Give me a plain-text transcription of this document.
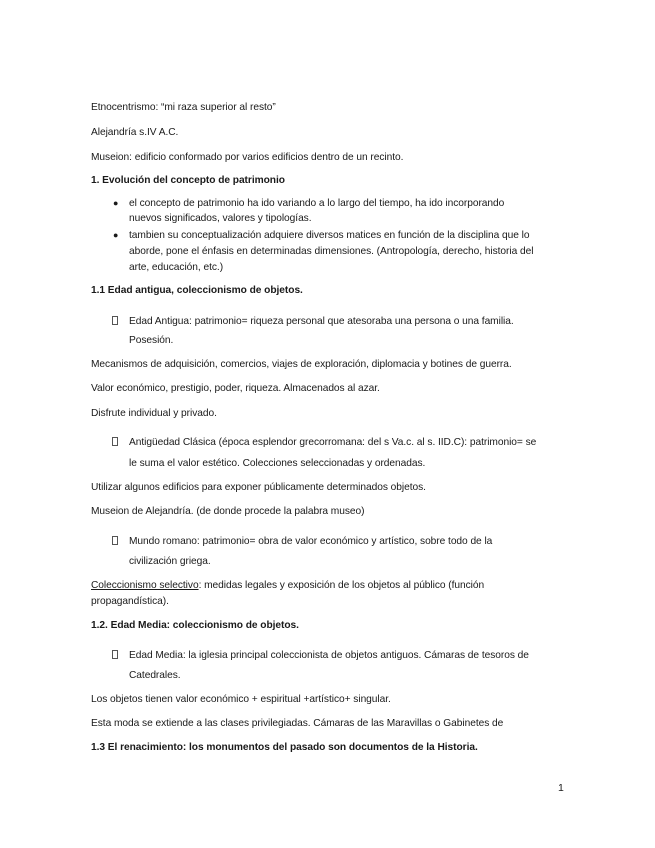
Etnocentrismo: “mi raza superior al resto”
Alejandría s.IV A.C.
Museion: edificio conformado por varios edificios dentro de un recinto.
1. Evolución del concepto de patrimonio
● el concepto de patrimonio ha ido variando a lo largo del tiempo, ha ido incorporando
nuevos significados, valores y tipologías.
● tambien su conceptualización adquiere diversos matices en función de la disciplina que lo
aborde, pone el énfasis en determinadas dimensiones. (Antropología, derecho, historia del
arte, educación, etc.)
1.1 Edad antigua, coleccionismo de objetos.
Edad Antigua: patrimonio= riqueza personal que atesoraba una persona o una familia.
Posesión.
Mecanismos de adquisición, comercios, viajes de exploración, diplomacia y botines de guerra.
Valor económico, prestigio, poder, riqueza. Almacenados al azar.
Disfrute individual y privado.
Antigüedad Clásica (época esplendor grecorromana: del s Va.c. al s. IID.C): patrimonio= se
le suma el valor estético. Colecciones seleccionadas y ordenadas.
Utilizar algunos edificios para exponer públicamente determinados objetos.
Museion de Alejandría. (de donde procede la palabra museo)
Mundo romano: patrimonio= obra de valor económico y artístico, sobre todo de la
civilización griega.
Coleccionismo selectivo: medidas legales y exposición de los objetos al público (función
propagandística).
1.2. Edad Media: coleccionismo de objetos.
Edad Media: la iglesia principal coleccionista de objetos antiguos. Cámaras de tesoros de
Catedrales.
Los objetos tienen valor económico + espiritual +artístico+ singular.
Esta moda se extiende a las clases privilegiadas. Cámaras de las Maravillas o Gabinetes de
1.3 El renacimiento: los monumentos del pasado son documentos de la Historia.
1
